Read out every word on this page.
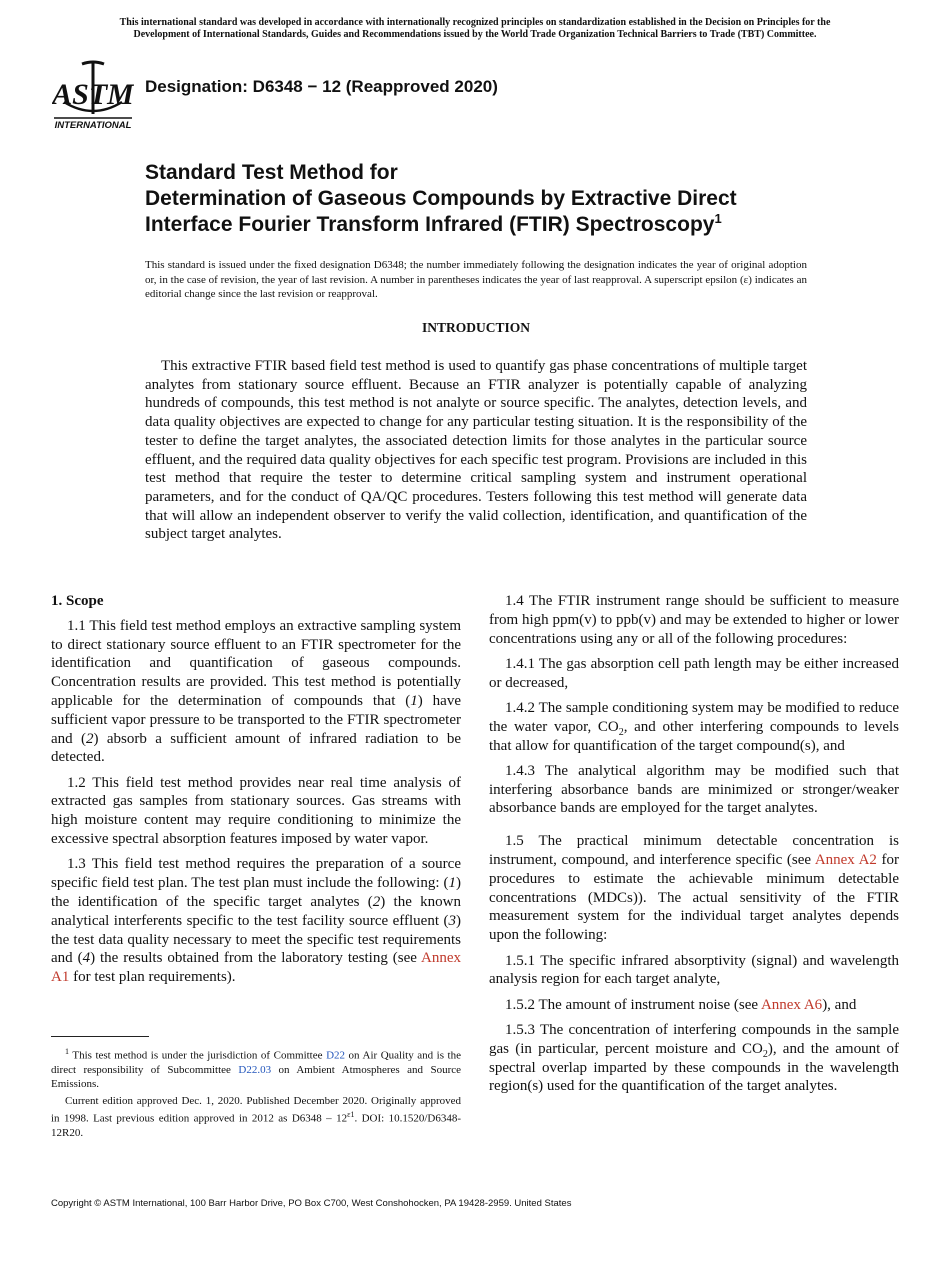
This international standard was developed in accordance with internationally recognized principles on standardization established in the Decision on Principles for the
Development of International Standards, Guides and Recommendations issued by the World Trade Organization Technical Barriers to Trade (TBT) Committee.
ASTM
INTERNATIONAL
Designation: D6348 − 12 (Reapproved 2020)
Standard Test Method for
Determination of Gaseous Compounds by Extractive Direct
Interface Fourier Transform Infrared (FTIR) Spectroscopy$^1$
This standard is issued under the fixed designation D6348; the number immediately following the designation indicates the year of original adoption or, in the case of revision, the year of last revision. A number in parentheses indicates the year of last reapproval. A superscript epsilon (ε) indicates an editorial change since the last revision or reapproval.
INTRODUCTION

This extractive FTIR based field test method is used to quantify gas phase concentrations of multiple target analytes from stationary source effluent. Because an FTIR analyzer is potentially capable of analyzing hundreds of compounds, this test method is not analyte or source specific. The analytes, detection levels, and data quality objectives are expected to change for any particular testing situation. It is the responsibility of the tester to define the target analytes, the associated detection limits for those analytes in the particular source effluent, and the required data quality objectives for each specific test program. Provisions are included in this test method that require the tester to determine critical sampling system and instrument operational parameters, and for the conduct of QA/QC procedures. Testers following this test method will generate data that will allow an independent observer to verify the valid collection, identification, and quantification of the subject target analytes.

1. Scope

1.1 This field test method employs an extractive sampling system to direct stationary source effluent to an FTIR spectrometer for the identification and quantification of gaseous compounds. Concentration results are provided. This test method is potentially applicable for the determination of compounds that (1) have sufficient vapor pressure to be transported to the FTIR spectrometer and (2) absorb a sufficient amount of infrared radiation to be detected.

1.2 This field test method provides near real time analysis of extracted gas samples from stationary sources. Gas streams with high moisture content may require conditioning to minimize the excessive spectral absorption features imposed by water vapor.

1.3 This field test method requires the preparation of a source specific field test plan. The test plan must include the following: (1) the identification of the specific target analytes (2) the known analytical interferents specific to the test facility source effluent (3) the test data quality necessary to meet the specific test requirements and (4) the results obtained from the laboratory testing (see Annex A1 for test plan requirements).

1.4 The FTIR instrument range should be sufficient to measure from high ppm(v) to ppb(v) and may be extended to higher or lower concentrations using any or all of the following procedures:

1.4.1 The gas absorption cell path length may be either increased or decreased,

1.4.2 The sample conditioning system may be modified to reduce the water vapor, $CO_2$, and other interfering compounds to levels that allow for quantification of the target compound(s), and

1.4.3 The analytical algorithm may be modified such that interfering absorbance bands are minimized or stronger/weaker absorbance bands are employed for the target analytes.

1.5 The practical minimum detectable concentration is instrument, compound, and interference specific (see Annex A2 for procedures to estimate the achievable minimum detectable concentrations (MDCs)). The actual sensitivity of the FTIR measurement system for the individual target analytes depends upon the following:

1.5.1 The specific infrared absorptivity (signal) and wavelength analysis region for each target analyte,

1.5.2 The amount of instrument noise (see Annex A6), and

1.5.3 The concentration of interfering compounds in the sample gas (in particular, percent moisture and $CO_2$), and the amount of spectral overlap imparted by these compounds in the wavelength region(s) used for the quantification of the target analytes.

$^1$ This test method is under the jurisdiction of Committee D22 on Air Quality and is the direct responsibility of Subcommittee D22.03 on Ambient Atmospheres and Source Emissions.

Current edition approved Dec. 1, 2020. Published December 2020. Originally approved in 1998. Last previous edition approved in 2012 as $D6348 - 12^{\varepsilon 1}$. DOI: 10.1520/D6348-12R20.

Copyright © ASTM International, 100 Barr Harbor Drive, PO Box C700, West Conshohocken, PA 19428-2959. United States
